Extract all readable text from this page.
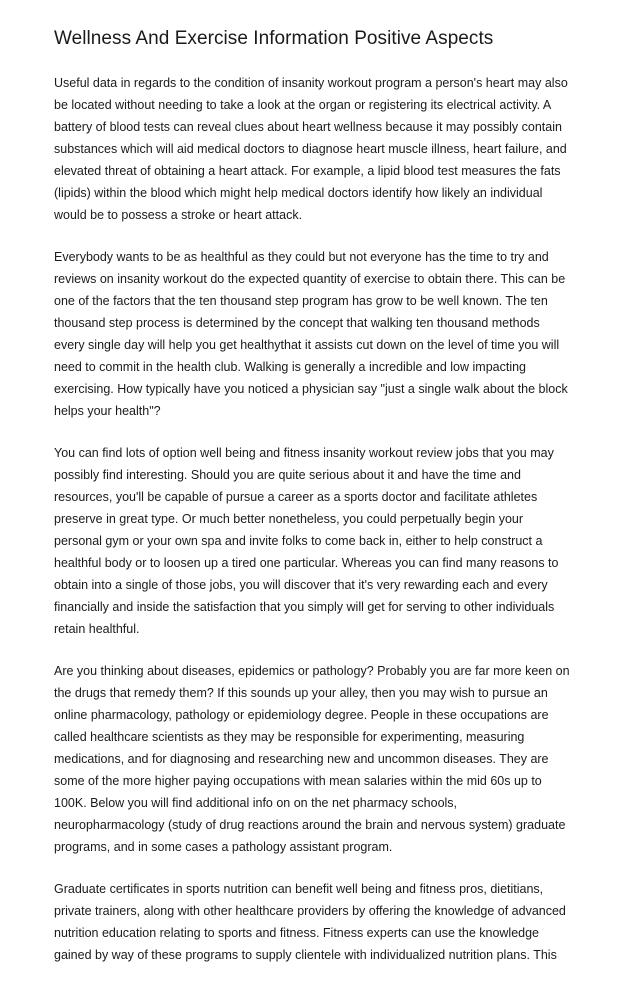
Wellness And Exercise Information Positive Aspects

Useful data in regards to the condition of insanity workout program a person's heart may also
be located without needing to take a look at the organ or registering its electrical activity. A
battery of blood tests can reveal clues about heart wellness because it may possibly contain
substances which will aid medical doctors to diagnose heart muscle illness, heart failure, and
elevated threat of obtaining a heart attack. For example, a lipid blood test measures the fats
(lipids) within the blood which might help medical doctors identify how likely an individual
would be to possess a stroke or heart attack.

Everybody wants to be as healthful as they could but not everyone has the time to try and
reviews on insanity workout do the expected quantity of exercise to obtain there. This can be
one of the factors that the ten thousand step program has grow to be well known. The ten
thousand step process is determined by the concept that walking ten thousand methods
every single day will help you get healthythat it assists cut down on the level of time you will
need to commit in the health club. Walking is generally a incredible and low impacting
exercising. How typically have you noticed a physician say "just a single walk about the block
helps your health"?

You can find lots of option well being and fitness insanity workout review jobs that you may
possibly find interesting. Should you are quite serious about it and have the time and
resources, you'll be capable of pursue a career as a sports doctor and facilitate athletes
preserve in great type. Or much better nonetheless, you could perpetually begin your
personal gym or your own spa and invite folks to come back in, either to help construct a
healthful body or to loosen up a tired one particular. Whereas you can find many reasons to
obtain into a single of those jobs, you will discover that it's very rewarding each and every
financially and inside the satisfaction that you simply will get for serving to other individuals
retain healthful.

Are you thinking about diseases, epidemics or pathology? Probably you are far more keen on
the drugs that remedy them? If this sounds up your alley, then you may wish to pursue an
online pharmacology, pathology or epidemiology degree. People in these occupations are
called healthcare scientists as they may be responsible for experimenting, measuring
medications, and for diagnosing and researching new and uncommon diseases. They are
some of the more higher paying occupations with mean salaries within the mid 60s up to
100K. Below you will find additional info on on the net pharmacy schools,
neuropharmacology (study of drug reactions around the brain and nervous system) graduate
programs, and in some cases a pathology assistant program.

Graduate certificates in sports nutrition can benefit well being and fitness pros, dietitians,
private trainers, along with other healthcare providers by offering the knowledge of advanced
nutrition education relating to sports and fitness. Fitness experts can use the knowledge
gained by way of these programs to supply clientele with individualized nutrition plans. This
